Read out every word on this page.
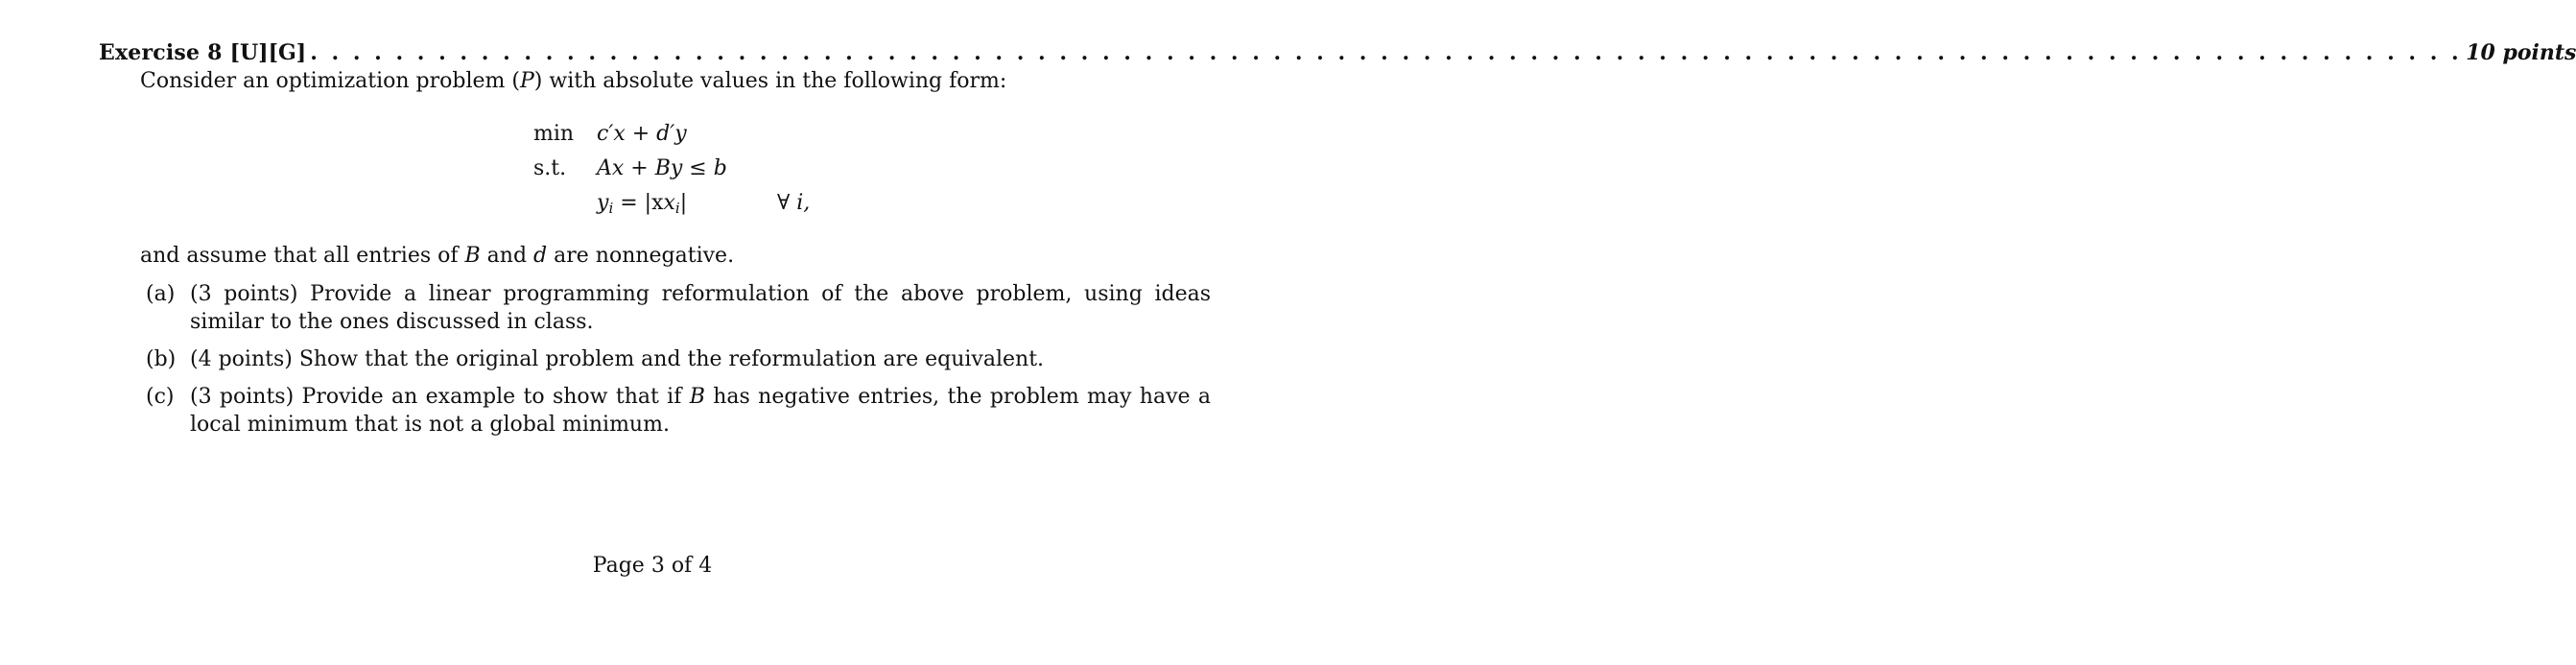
Exercise 8 [U][G] . . . . . . . . . . . . . . . . . . . . . . . . . . . . . . . . . . . . . . . . . . . . . . . . . . . . . . . . . . . . . . . . . . . . . . . . . . . . . . . . . . . . . . . . . . . . . . . . . . . . . 10 points
Consider an optimization problem (P) with absolute values in the following form:
min	c′x + d′y
s.t.	Ax + By ≤ b
$y_i = |xx_i|$	∀ i,
and assume that all entries of B and d are nonnegative.
(a) (3 points) Provide a linear programming reformulation of the above problem, using ideas similar to the ones discussed in class.
(b) (4 points) Show that the original problem and the reformulation are equivalent.
(c) (3 points) Provide an example to show that if B has negative entries, the problem may have a local minimum that is not a global minimum.
Page 3 of 4
